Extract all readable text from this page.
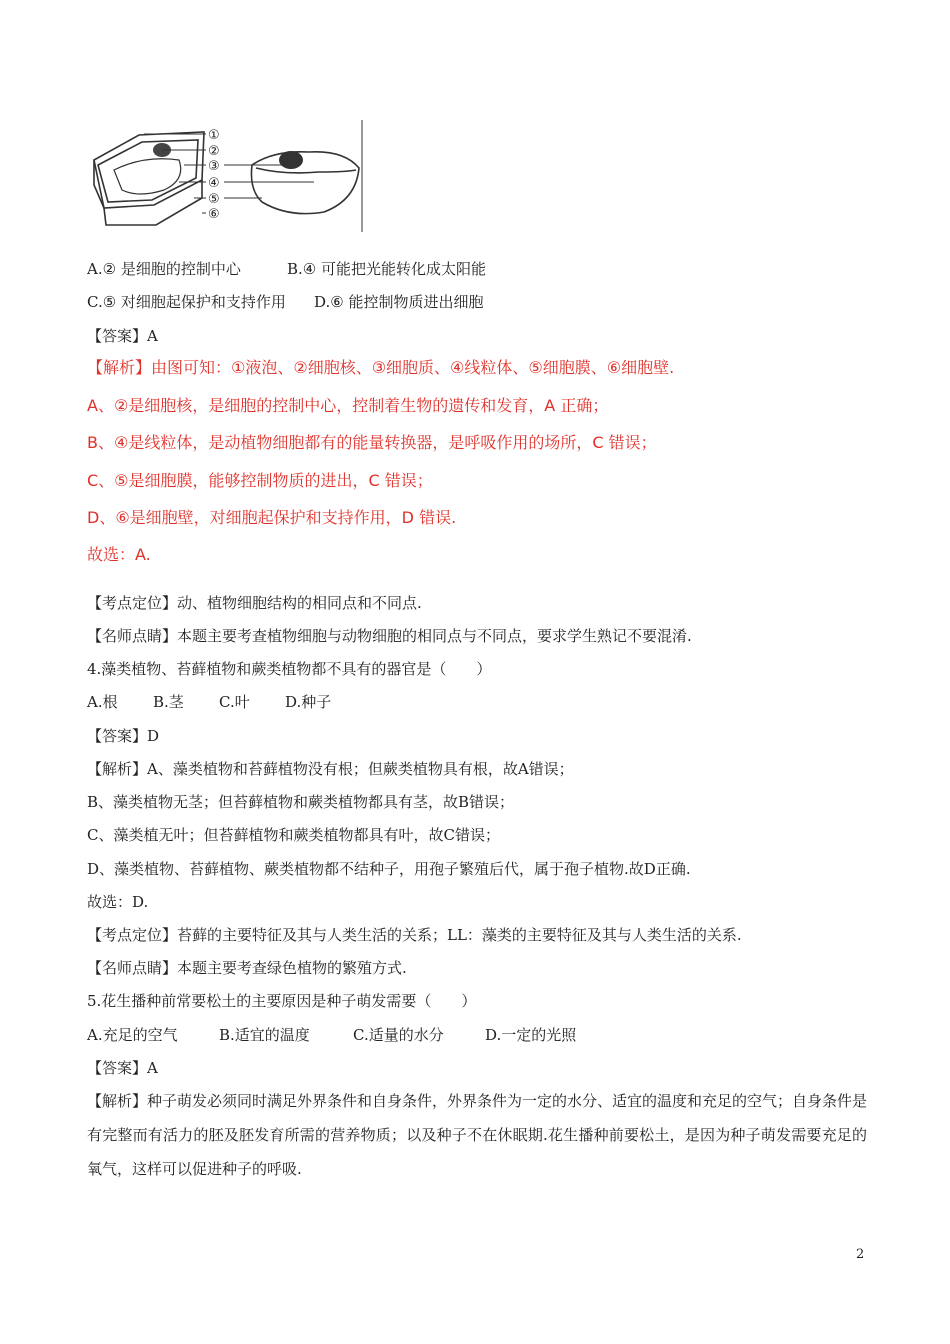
①
②
③
④
⑤
⑥
A.② 是细胞的控制中心	B.④ 可能把光能转化成太阳能
C.⑤ 对细胞起保护和支持作用 D.⑥ 能控制物质进出细胞
【答案】A
【解析】由图可知：①液泡、②细胞核、③细胞质、④线粒体、⑤细胞膜、⑥细胞壁.
A、②是细胞核，是细胞的控制中心，控制着生物的遗传和发育，A 正确；
B、④是线粒体，是动植物细胞都有的能量转换器，是呼吸作用的场所，C 错误；
C、⑤是细胞膜，能够控制物质的进出，C 错误；
D、⑥是细胞壁，对细胞起保护和支持作用，D 错误.
故选：A.
【考点定位】动、植物细胞结构的相同点和不同点.
【名师点睛】本题主要考查植物细胞与动物细胞的相同点与不同点，要求学生熟记不要混淆.
4.藻类植物、苔藓植物和蕨类植物都不具有的器官是（　　）
A.根 B.茎 C.叶 D.种子
【答案】D
【解析】A、藻类植物和苔藓植物没有根；但蕨类植物具有根，故A错误；
B、藻类植物无茎；但苔藓植物和蕨类植物都具有茎，故B错误；
C、藻类植无叶；但苔藓植物和蕨类植物都具有叶，故C错误；
D、藻类植物、苔藓植物、蕨类植物都不结种子，用孢子繁殖后代，属于孢子植物.故D正确.
故选：D.
【考点定位】苔藓的主要特征及其与人类生活的关系；LL：藻类的主要特征及其与人类生活的关系.
【名师点睛】本题主要考查绿色植物的繁殖方式.
5.花生播种前常要松土的主要原因是种子萌发需要（　　）
A.充足的空气	B.适宜的温度	C.适量的水分	D.一定的光照
【答案】A
【解析】种子萌发必须同时满足外界条件和自身条件，外界条件为一定的水分、适宜的温度和充足的空气；自身条件是有完整而有活力的胚及胚发育所需的营养物质；以及种子不在休眠期.花生播种前要松土，是因为种子萌发需要充足的氧气，这样可以促进种子的呼吸.
2
